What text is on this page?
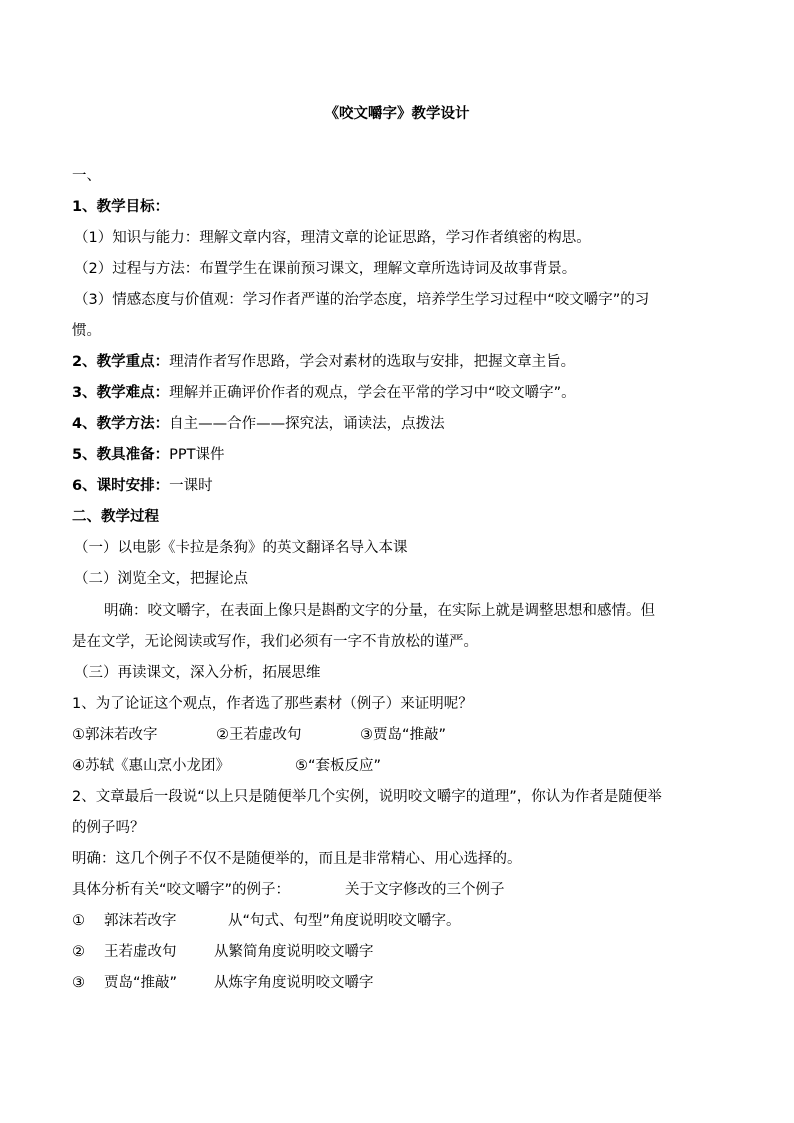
《咬文嚼字》教学设计
一、
1、教学目标：
（1）知识与能力：理解文章内容，理清文章的论证思路，学习作者缜密的构思。
（2）过程与方法：布置学生在课前预习课文，理解文章所选诗词及故事背景。
（3）情感态度与价值观：学习作者严谨的治学态度，培养学生学习过程中“咬文嚼字”的习
惯。
2、教学重点：理清作者写作思路，学会对素材的选取与安排，把握文章主旨。
3、教学难点：理解并正确评价作者的观点，学会在平常的学习中“咬文嚼字”。
4、教学方法：自主——合作——探究法，诵读法，点拨法
5、教具准备：PPT课件
6、课时安排：一课时
二、教学过程
（一）以电影《卡拉是条狗》的英文翻译名导入本课
（二）浏览全文，把握论点
明确：咬文嚼字，在表面上像只是斟酌文字的分量，在实际上就是调整思想和感情。但
是在文学，无论阅读或写作，我们必须有一字不肯放松的谨严。
（三）再读课文，深入分析，拓展思维
1、为了论证这个观点，作者选了那些素材（例子）来证明呢？
①郭沫若改字	②王若虚改句	③贾岛“推敲”
④苏轼《惠山烹小龙团》	⑤“套板反应”
2、文章最后一段说“以上只是随便举几个实例，说明咬文嚼字的道理”，你认为作者是随便举
的例子吗？
明确：这几个例子不仅不是随便举的，而且是非常精心、用心选择的。
具体分析有关“咬文嚼字”的例子：	关于文字修改的三个例子
① 郭沫若改字	从“句式、句型”角度说明咬文嚼字。
② 王若虚改句	从繁简角度说明咬文嚼字
③ 贾岛“推敲”	从炼字角度说明咬文嚼字
